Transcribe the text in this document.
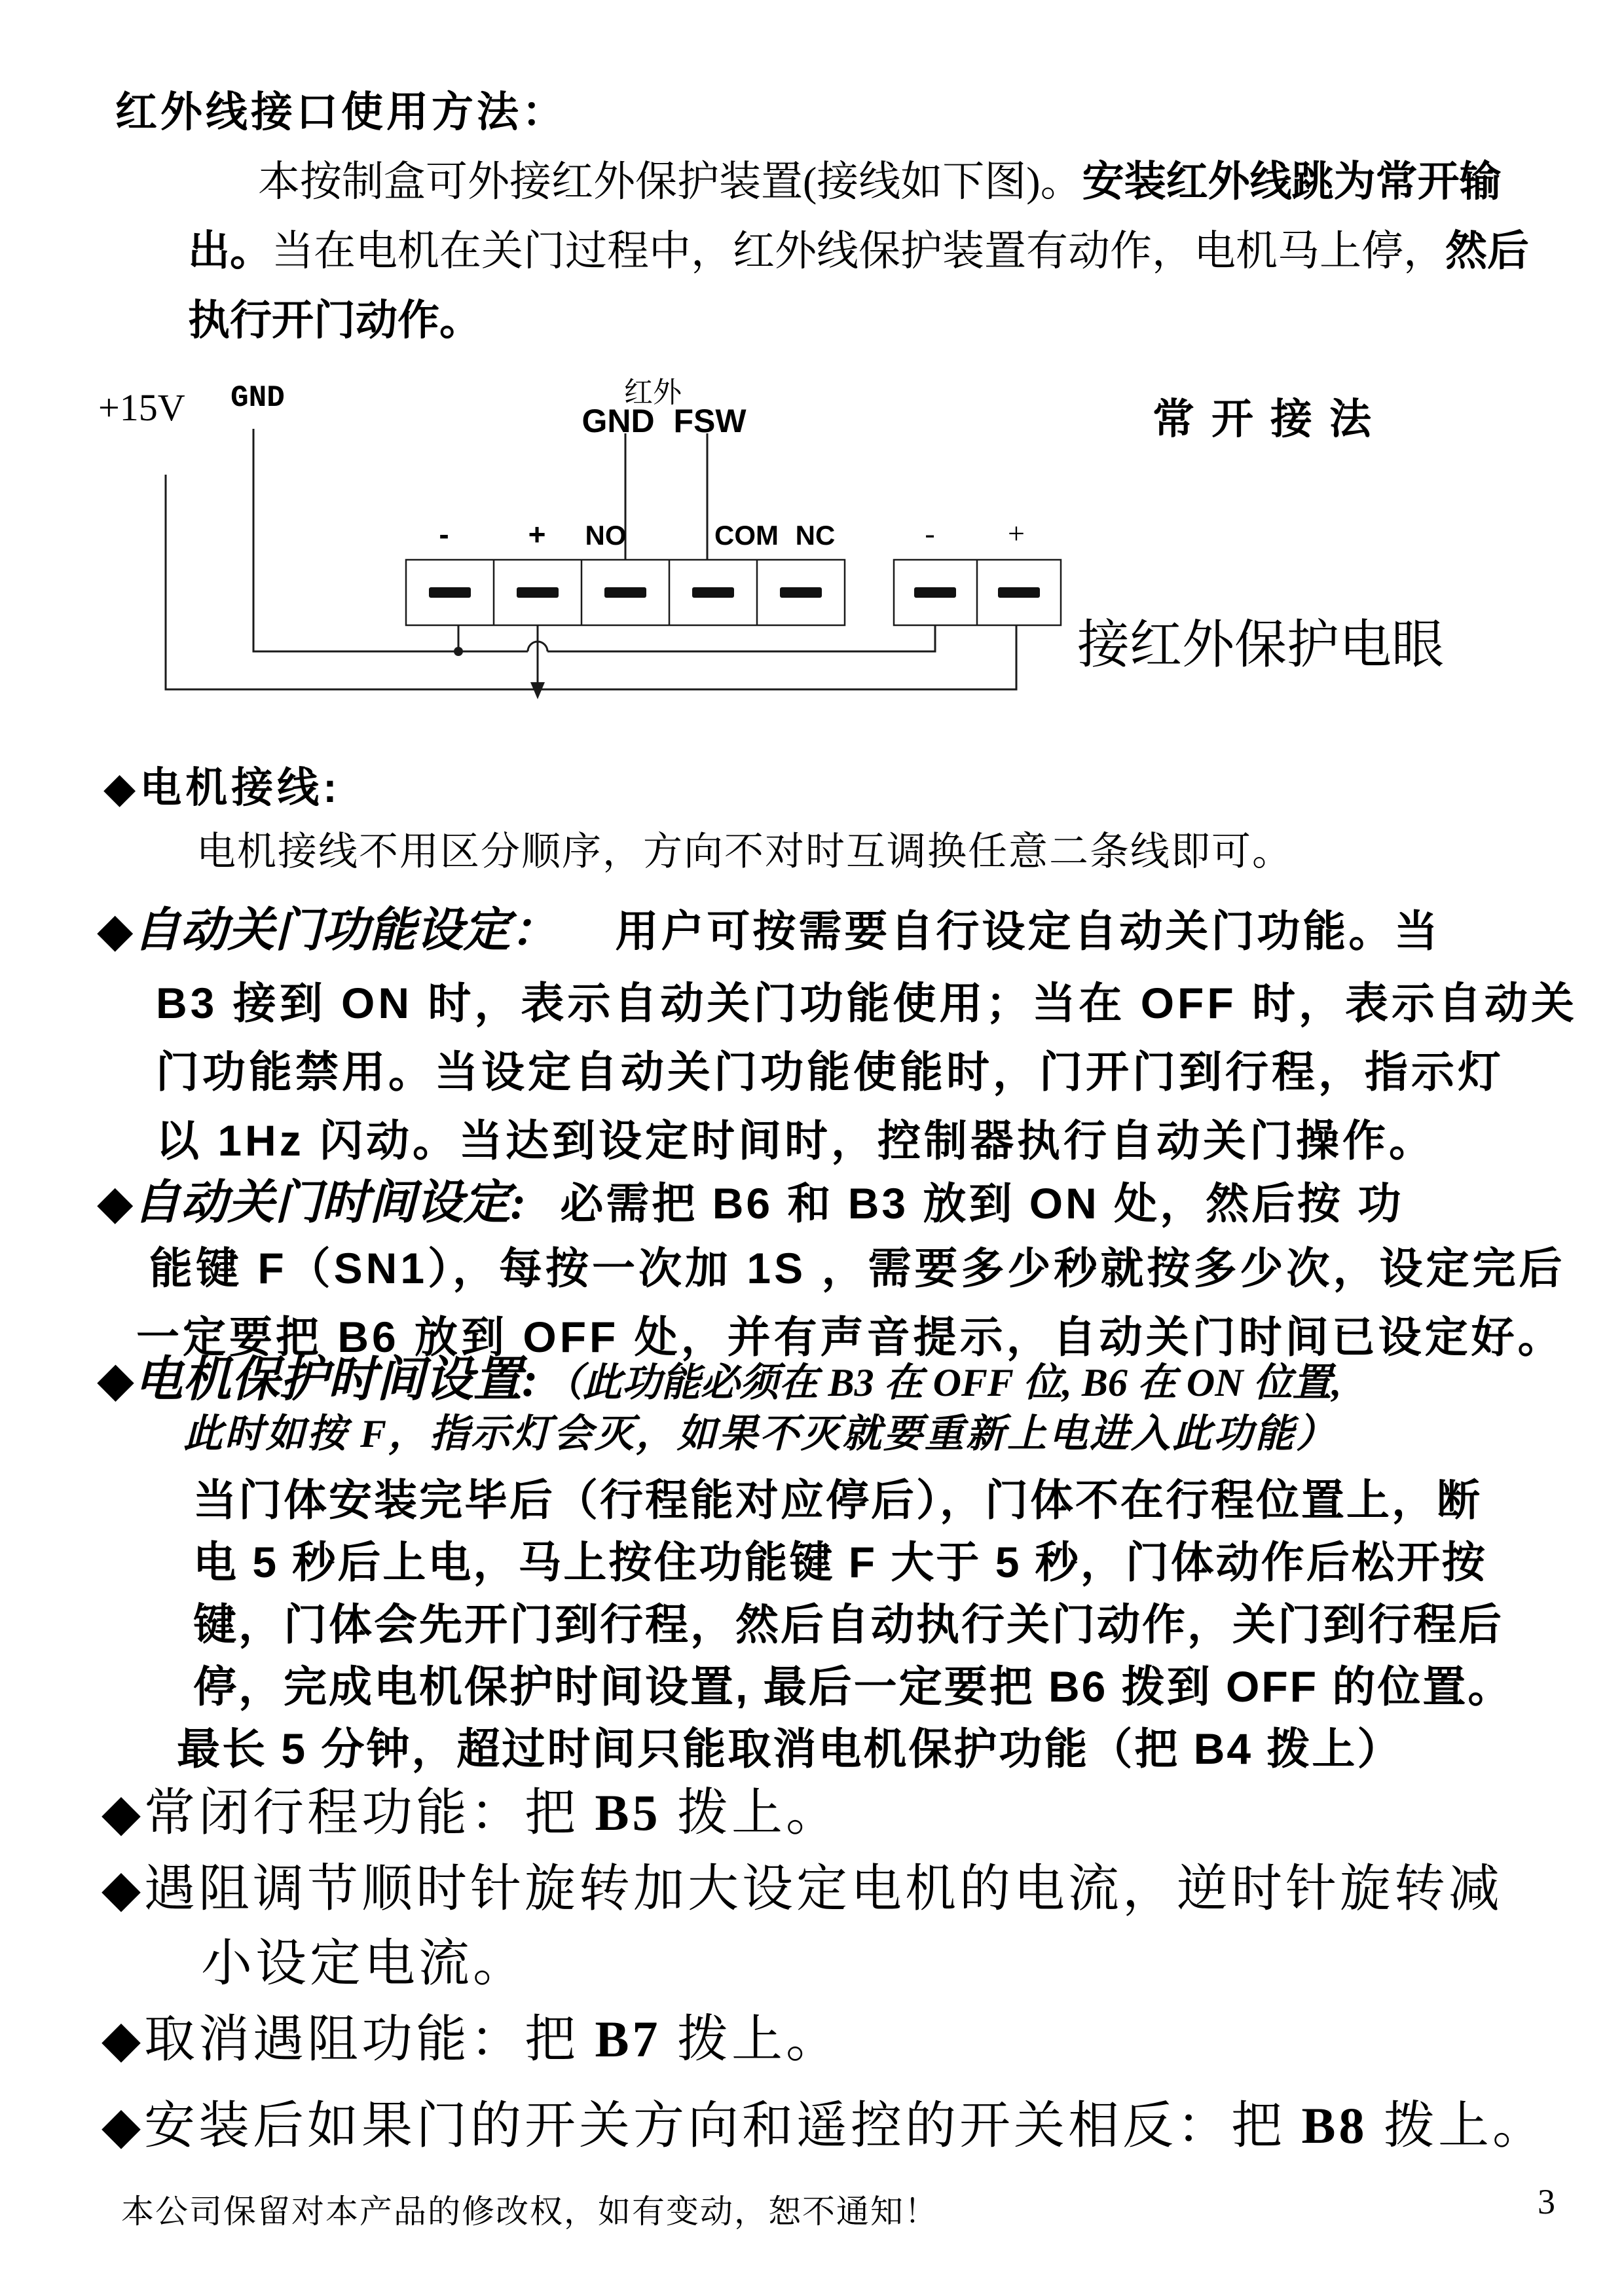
红外线接口使用方法：
本按制盒可外接红外保护装置(接线如下图)。安装红外线跳为常开输
出。当在电机在关门过程中，红外线保护装置有动作，电机马上停，然后
执行开门动作。
+15V GND	红外
GND FSW
-	+ NO	COM NC	- +
常开接法
接红外保护电眼
◆电机接线:
电机接线不用区分顺序，方向不对时互调换任意二条线即可。
◆自动关门功能设定： 用户可按需要自行设定自动关门功能。当
B3 接到 ON 时，表示自动关门功能使用；当在 OFF 时，表示自动关
门功能禁用。当设定自动关门功能使能时，门开门到行程，指示灯
以 1Hz 闪动。当达到设定时间时，控制器执行自动关门操作。
◆自动关门时间设定: 必需把 B6 和 B3 放到 ON 处，然后按 功
能键 F（SN1），每按一次加 1S ，需要多少秒就按多少次，设定完后
一定要把 B6 放到 OFF 处，并有声音提示，自动关门时间已设定好。
◆电机保护时间设置: （此功能必须在 B3 在 OFF 位, B6 在 ON 位置,
此时如按 F，指示灯会灭，如果不灭就要重新上电进入此功能）
当门体安装完毕后（行程能对应停后），门体不在行程位置上，断
电 5 秒后上电，马上按住功能键 F 大于 5 秒，门体动作后松开按
键，门体会先开门到行程，然后自动执行关门动作，关门到行程后
停，完成电机保护时间设置, 最后一定要把 B6 拨到 OFF 的位置。
最长 5 分钟，超过时间只能取消电机保护功能（把 B4 拨上）
◆常闭行程功能：把 B5 拨上。
◆遇阻调节顺时针旋转加大设定电机的电流，逆时针旋转减
小设定电流。
◆取消遇阻功能：把 B7 拨上。
◆安装后如果门的开关方向和遥控的开关相反：把 B8 拨上。
本公司保留对本产品的修改权，如有变动，恕不通知！	3
